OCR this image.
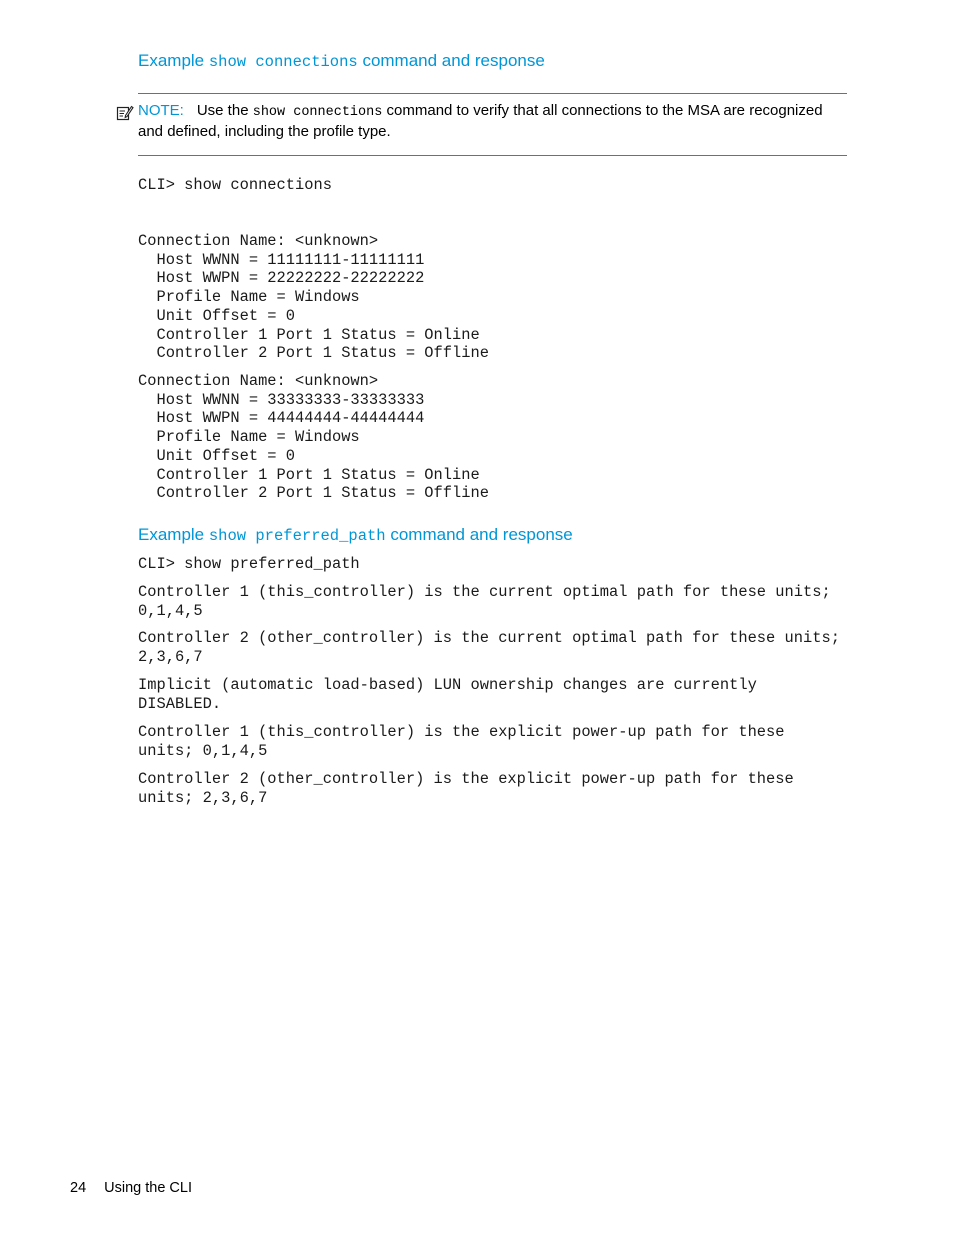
Example show connections command and response

NOTE: Use the show connections command to verify that all connections to the MSA are recognized and defined, including the profile type.

CLI> show connections
Connection Name: <unknown>
Host WWNN = 11111111-11111111
Host WWPN = 22222222-22222222
Profile Name = Windows
Unit Offset = 0
Controller 1 Port 1 Status = Online
Controller 2 Port 1 Status = Offline
Connection Name: <unknown>
Host WWNN = 33333333-33333333
Host WWPN = 44444444-44444444
Profile Name = Windows
Unit Offset = 0
Controller 1 Port 1 Status = Online
Controller 2 Port 1 Status = Offline
Example show preferred_path command and response
CLI> show preferred_path
Controller 1 (this_controller) is the current optimal path for these units;
0,1,4,5
Controller 2 (other_controller) is the current optimal path for these units;
2,3,6,7
Implicit (automatic load-based) LUN ownership changes are currently
DISABLED.
Controller 1 (this_controller) is the explicit power-up path for these
units; 0,1,4,5
Controller 2 (other_controller) is the explicit power-up path for these
units; 2,3,6,7
24 Using the CLI
